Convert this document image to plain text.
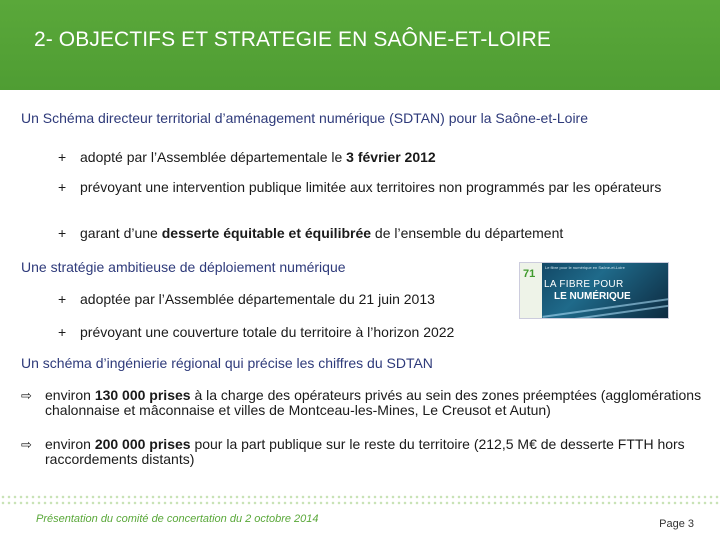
2- OBJECTIFS ET STRATEGIE EN SAÔNE-ET-LOIRE
Un Schéma directeur territorial d’aménagement numérique (SDTAN) pour la Saône-et-Loire
+ adopté par l’Assemblée départementale le 3 février 2012
+ prévoyant une intervention publique limitée aux territoires non programmés par les opérateurs
+ garant d’une desserte équitable et équilibrée de l’ensemble du département
Une stratégie ambitieuse de déploiement numérique
+ adoptée par l’Assemblée départementale du 21 juin 2013
+ prévoyant une couverture totale du territoire à l’horizon 2022
71
Le fibre pour le numérique en Saône-et-Loire
LA FIBRE POUR
LE NUMÉRIQUE
Un schéma d’ingénierie régional qui précise les chiffres du SDTAN
⇨ environ 130 000 prises à la charge des opérateurs privés au sein des zones préemptées (agglomérations chalonnaise et mâconnaise et villes de Montceau-les-Mines, Le Creusot et Autun)
⇨ environ 200 000 prises pour la part publique sur le reste du territoire (212,5 M€ de desserte FTTH hors raccordements distants)
Présentation du comité de concertation du 2 octobre 2014	Page 3
